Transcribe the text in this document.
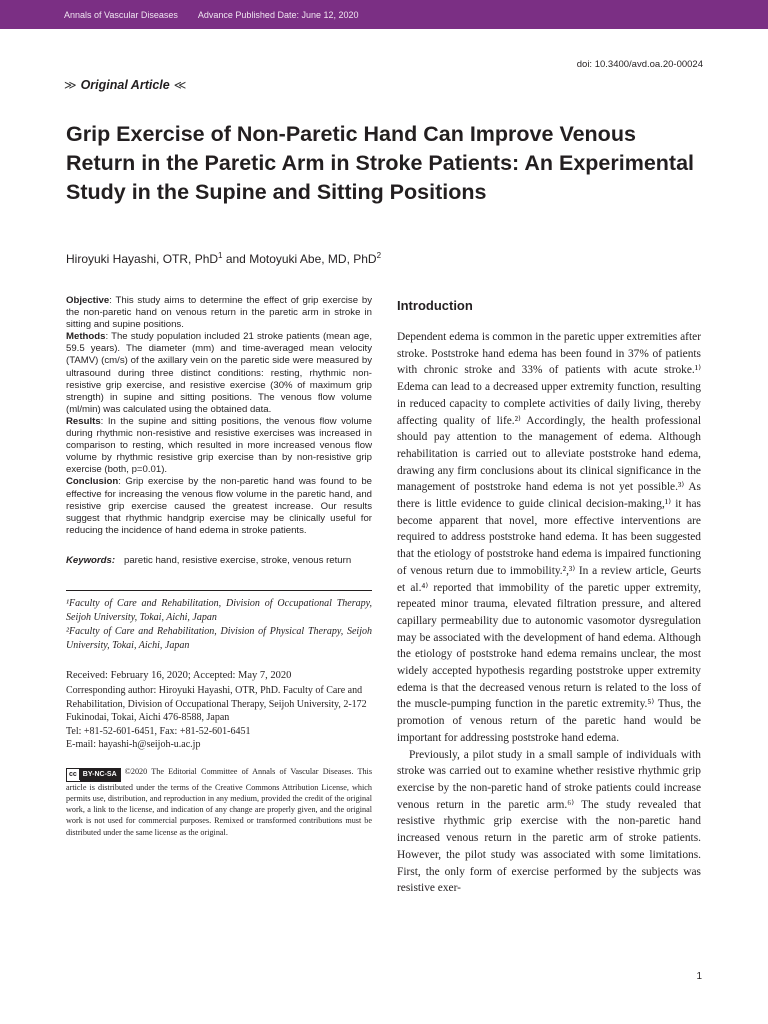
Annals of Vascular Diseases Advance Published Date: June 12, 2020
doi: 10.3400/avd.oa.20-00024
≫ Original Article ≪
Grip Exercise of Non-Paretic Hand Can Improve Venous Return in the Paretic Arm in Stroke Patients: An Experimental Study in the Supine and Sitting Positions
Hiroyuki Hayashi, OTR, PhD$^1$ and Motoyuki Abe, MD, PhD$^2$

Objective: This study aims to determine the effect of grip exercise by the non-paretic hand on venous return in the paretic arm in stroke in sitting and supine positions.

Methods: The study population included 21 stroke patients (mean age, 59.5 years). The diameter (mm) and time-averaged mean velocity (TAMV) (cm/s) of the axillary vein on the paretic side were measured by ultrasound during three distinct conditions: resting, rhythmic non-resistive grip exercise, and resistive exercise (30% of maximum grip strength) in supine and sitting positions. The venous flow volume (ml/min) was calculated using the obtained data.

Results: In the supine and sitting positions, the venous flow volume during rhythmic non-resistive and resistive exercises was increased in comparison to resting, which resulted in more increased venous flow volume by rhythmic resistive grip exercise than by non-resistive grip exercise (both, p=0.01).

Conclusion: Grip exercise by the non-paretic hand was found to be effective for increasing the venous flow volume in the paretic hand, and resistive grip exercise caused the greatest increase. Our results suggest that rhythmic handgrip exercise may be clinically useful for reducing the incidence of hand edema in stroke patients.

Keywords: paretic hand, resistive exercise, stroke, venous return

¹Faculty of Care and Rehabilitation, Division of Occupational Therapy, Seijoh University, Tokai, Aichi, Japan

²Faculty of Care and Rehabilitation, Division of Physical Therapy, Seijoh University, Tokai, Aichi, Japan

Received: February 16, 2020; Accepted: May 7, 2020

Corresponding author: Hiroyuki Hayashi, OTR, PhD. Faculty of Care and Rehabilitation, Division of Occupational Therapy, Seijoh University, 2-172 Fukinodai, Tokai, Aichi 476-8588, Japan

Tel: +81-52-601-6451, Fax: +81-52-601-6451

E-mail: hayashi-h@seijoh-u.ac.jp

cc BY-NC-SA ©2020 The Editorial Committee of Annals of Vascular Diseases. This article is distributed under the terms of the Creative Commons Attribution License, which permits use, distribution, and reproduction in any medium, provided the credit of the original work, a link to the license, and indication of any change are properly given, and the original work is not used for commercial purposes. Remixed or transformed contributions must be distributed under the same license as the original.
Introduction

Dependent edema is common in the paretic upper extremities after stroke. Poststroke hand edema has been found in 37% of patients with chronic stroke and 33% of patients with acute stroke.¹⁾ Edema can lead to a decreased upper extremity function, resulting in reduced capacity to complete activities of daily living, thereby affecting quality of life.²⁾ Accordingly, the health professional should pay attention to the management of edema. Although rehabilitation is carried out to alleviate poststroke hand edema, drawing any firm conclusions about its clinical significance in the management of poststroke hand edema is not yet possible.³⁾ As there is little evidence to guide clinical decision-making,¹⁾ it has become apparent that novel, more effective interventions are required to address poststroke hand edema. It has been suggested that the etiology of poststroke hand edema is impaired functioning of venous return due to immobility.²,³⁾ In a review article, Geurts et al.⁴⁾ reported that immobility of the paretic upper extremity, repeated minor trauma, elevated filtration pressure, and altered capillary permeability due to autonomic vasomotor dysregulation may be associated with the development of hand edema. Although the etiology of poststroke hand edema remains unclear, the most widely accepted hypothesis regarding poststroke upper extremity edema is that the decreased venous return is related to the loss of the muscle-pumping function in the paretic extremity.⁵⁾ Thus, the promotion of venous return of the paretic hand would be important for addressing poststroke hand edema.

Previously, a pilot study in a small sample of individuals with stroke was carried out to examine whether resistive rhythmic grip exercise by the non-paretic hand of stroke patients could increase venous return in the paretic arm.⁶⁾ The study revealed that resistive rhythmic grip exercise with the non-paretic hand increased venous return in the paretic arm of stroke patients. However, the pilot study was associated with some limitations. First, the only form of exercise performed by the subjects was resistive exer-

1
